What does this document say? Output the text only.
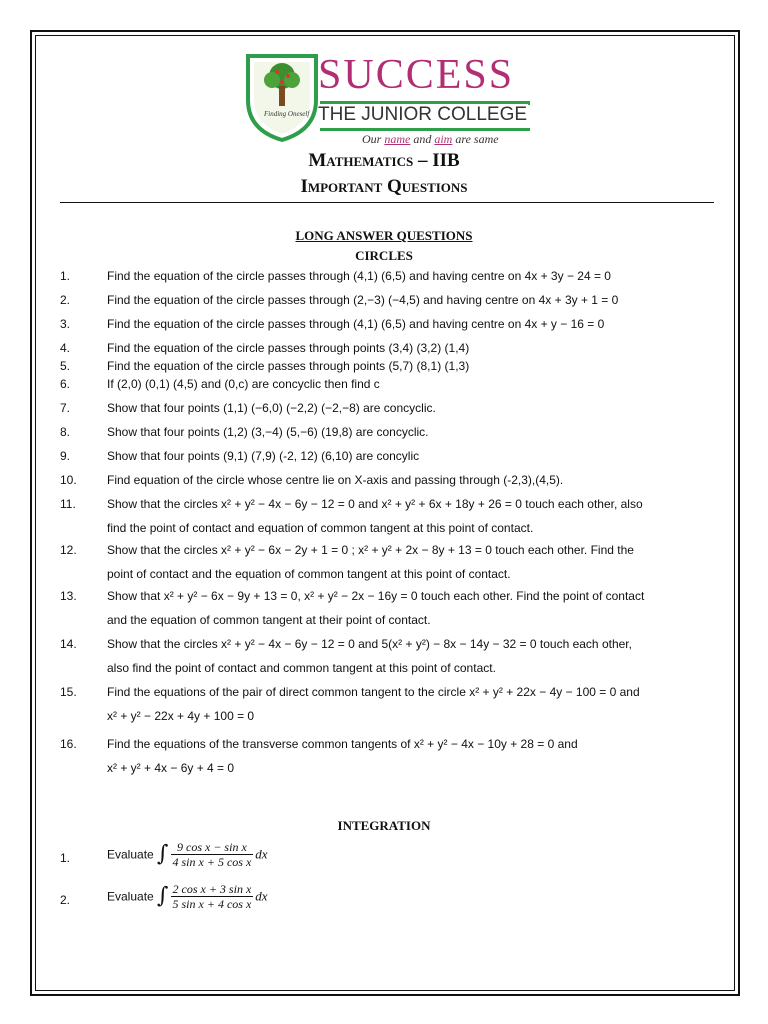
Finding Oneself
SUCCESS
THE JUNIOR COLLEGE
Our name and aim are same
Mathematics – IIB
Important Questions
LONG ANSWER QUESTIONS
CIRCLES
1.	Find the equation of the circle passes through (4,1) (6,5) and having centre on 4x + 3y − 24 = 0
2.	Find the equation of the circle passes through (2,−3) (−4,5) and having centre on 4x + 3y + 1 = 0
3.	Find the equation of the circle passes through (4,1) (6,5) and having centre on 4x + y − 16 = 0
4.	Find the equation of the circle passes through points (3,4) (3,2) (1,4)
5.	Find the equation of the circle passes through points (5,7) (8,1) (1,3)
6.	If (2,0) (0,1) (4,5) and (0,c) are concyclic then find c
7.	Show that four points (1,1) (−6,0) (−2,2) (−2,−8) are concyclic.
8.	Show that four points (1,2) (3,−4) (5,−6) (19,8) are concyclic.
9.	Show that four points (9,1) (7,9) (-2, 12) (6,10) are concylic
10.	Find equation of the circle whose centre lie on X-axis and passing through (-2,3),(4,5).
11.	Show that the circles x² + y² − 4x − 6y − 12 = 0 and x² + y² + 6x + 18y + 26 = 0 touch each other, also
find the point of contact and equation of common tangent at this point of contact.
12.	Show that the circles x² + y² − 6x − 2y + 1 = 0 ; x² + y² + 2x − 8y + 13 = 0 touch each other. Find the
point of contact and the equation of common tangent at this point of contact.
13.	Show that x² + y² − 6x − 9y + 13 = 0, x² + y² − 2x − 16y = 0 touch each other. Find the point of contact
and the equation of common tangent at their point of contact.
14.	Show that the circles x² + y² − 4x − 6y − 12 = 0 and 5(x² + y²) − 8x − 14y − 32 = 0 touch each other,
also find the point of contact and common tangent at this point of contact.
15.	Find the equations of the pair of direct common tangent to the circle x² + y² + 22x − 4y − 100 = 0 and
x² + y² − 22x + 4y + 100 = 0
16.	Find the equations of the transverse common tangents of x² + y² − 4x − 10y + 28 = 0 and
x² + y² + 4x − 6y + 4 = 0
INTEGRATION
1.	Evaluate ∫ $\frac{\text{9 cos x − sin x}}{\text{4 sin x + 5 cos x}}$ dx
2.	Evaluate ∫ $\frac{\text{2 cos x + 3 sin x}}{\text{5 sin x + 4 cos x}}$ dx
